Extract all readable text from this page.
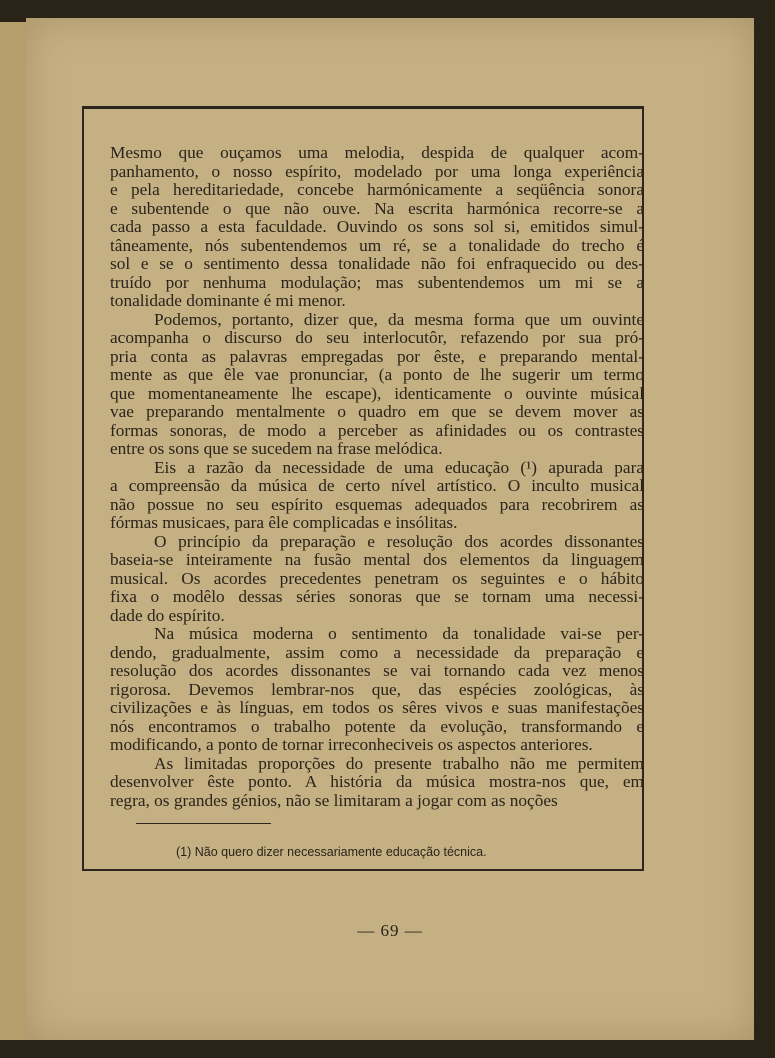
Mesmo que ouçamos uma melodia, despida de qualquer acom-
panhamento, o nosso espírito, modelado por uma longa experiência
e pela hereditariedade, concebe harmónicamente a seqüência sonora
e subentende o que não ouve. Na escrita harmónica recorre-se a
cada passo a esta faculdade. Ouvindo os sons sol si, emitidos simul-
tâneamente, nós subentendemos um ré, se a tonalidade do trecho é
sol e se o sentimento dessa tonalidade não foi enfraquecido ou des-
truído por nenhuma modulação; mas subentendemos um mi se a
tonalidade dominante é mi menor.
Podemos, portanto, dizer que, da mesma forma que um ouvinte
acompanha o discurso do seu interlocutôr, refazendo por sua pró-
pria conta as palavras empregadas por êste, e preparando mental-
mente as que êle vae pronunciar, (a ponto de lhe sugerir um termo
que momentaneamente lhe escape), identicamente o ouvinte músical
vae preparando mentalmente o quadro em que se devem mover as
formas sonoras, de modo a perceber as afinidades ou os contrastes
entre os sons que se sucedem na frase melódica.
Eis a razão da necessidade de uma educação (¹) apurada para
a compreensão da música de certo nível artístico. O inculto musical
não possue no seu espírito esquemas adequados para recobrirem as
fórmas musicaes, para êle complicadas e insólitas.
O princípio da preparação e resolução dos acordes dissonantes
baseia-se inteiramente na fusão mental dos elementos da linguagem
musical. Os acordes precedentes penetram os seguintes e o hábito
fixa o modêlo dessas séries sonoras que se tornam uma necessi-
dade do espírito.
Na música moderna o sentimento da tonalidade vai-se per-
dendo, gradualmente, assim como a necessidade da preparação e
resolução dos acordes dissonantes se vai tornando cada vez menos
rigorosa. Devemos lembrar-nos que, das espécies zoológicas, às
civilizações e às línguas, em todos os sêres vivos e suas manifestações
nós encontramos o trabalho potente da evolução, transformando e
modificando, a ponto de tornar irreconheciveis os aspectos anteriores.
As limitadas proporções do presente trabalho não me permitem
desenvolver êste ponto. A história da música mostra-nos que, em
regra, os grandes génios, não se limitaram a jogar com as noções
(1) Não quero dizer necessariamente educação técnica.
— 69 —
